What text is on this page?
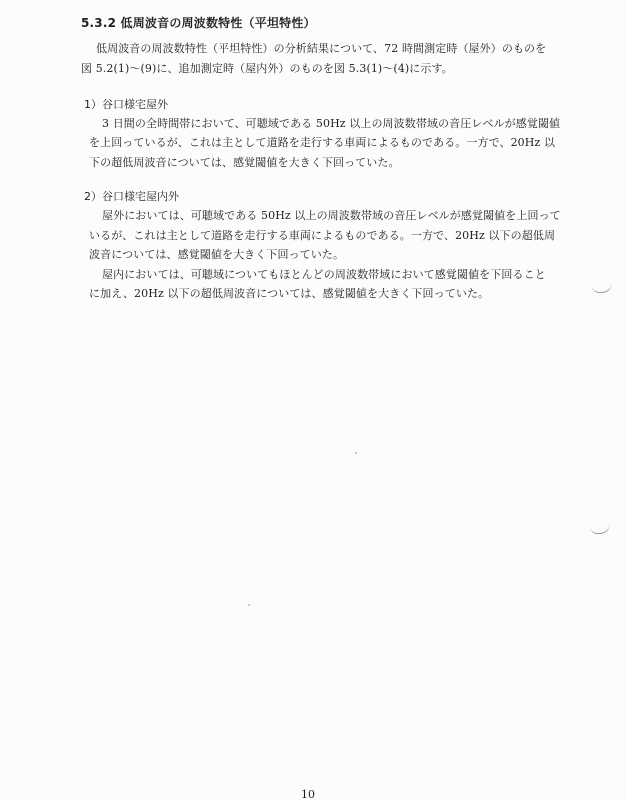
5.3.2 低周波音の周波数特性（平坦特性）
低周波音の周波数特性（平坦特性）の分析結果について、72 時間測定時（屋外）のものを
図 5.2(1)～(9)に、追加測定時（屋内外）のものを図 5.3(1)～(4)に示す。
1）谷口様宅屋外
3 日間の全時間帯において、可聴域である 50Hz 以上の周波数帯域の音圧レベルが感覚閾値
を上回っているが、これは主として道路を走行する車両によるものである。一方で、20Hz 以
下の超低周波音については、感覚閾値を大きく下回っていた。
2）谷口様宅屋内外
屋外においては、可聴域である 50Hz 以上の周波数帯域の音圧レベルが感覚閾値を上回って
いるが、これは主として道路を走行する車両によるものである。一方で、20Hz 以下の超低周
波音については、感覚閾値を大きく下回っていた。
屋内においては、可聴域についてもほとんどの周波数帯域において感覚閾値を下回ること
に加え、20Hz 以下の超低周波音については、感覚閾値を大きく下回っていた。
10
